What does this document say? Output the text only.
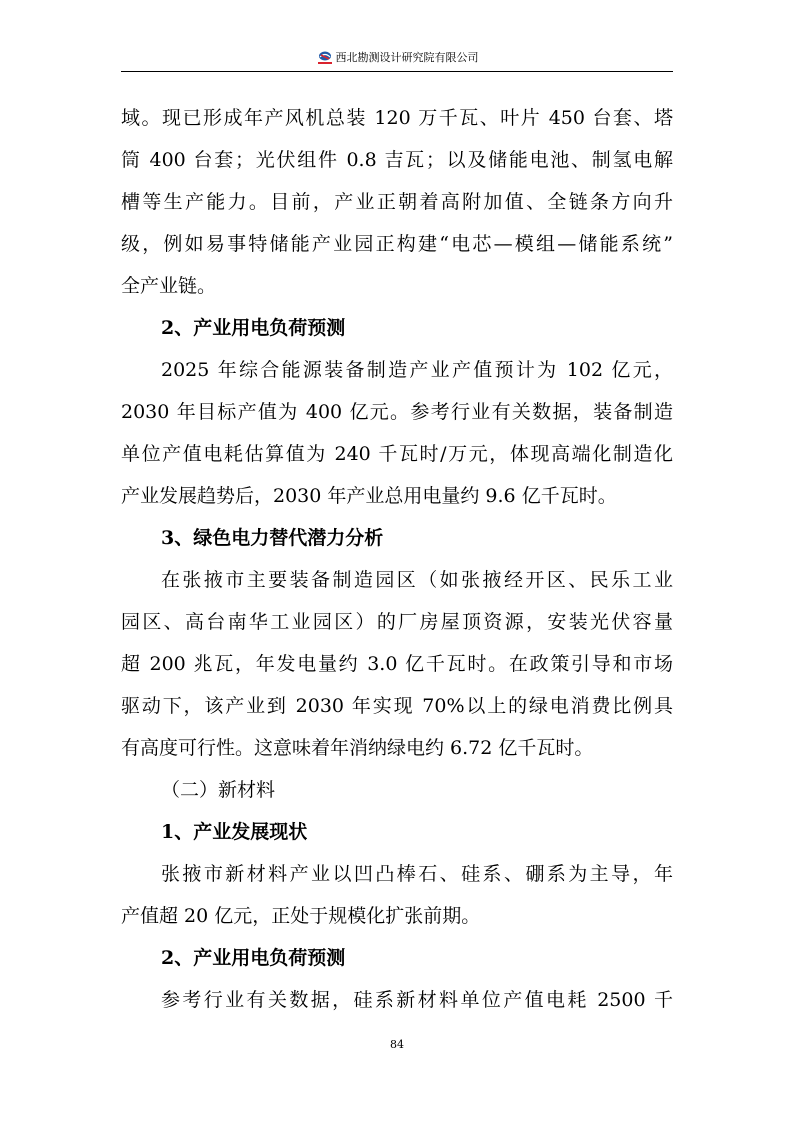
西北勘测设计研究院有限公司

域。现已形成年产风机总装 120 万千瓦、叶片 450 台套、塔

筒 400 台套；光伏组件 0.8 吉瓦；以及储能电池、制氢电解

槽等生产能力。目前，产业正朝着高附加值、全链条方向升

级，例如易事特储能产业园正构建“电芯—模组—储能系统”

全产业链。

2、产业用电负荷预测

2025 年综合能源装备制造产业产值预计为 102 亿元，

2030 年目标产值为 400 亿元。参考行业有关数据，装备制造

单位产值电耗估算值为 240 千瓦时/万元，体现高端化制造化

产业发展趋势后，2030 年产业总用电量约 9.6 亿千瓦时。

3、绿色电力替代潜力分析

在张掖市主要装备制造园区（如张掖经开区、民乐工业

园区、高台南华工业园区）的厂房屋顶资源，安装光伏容量

超 200 兆瓦，年发电量约 3.0 亿千瓦时。在政策引导和市场

驱动下，该产业到 2030 年实现 70%以上的绿电消费比例具

有高度可行性。这意味着年消纳绿电约 6.72 亿千瓦时。

（二）新材料

1、产业发展现状

张掖市新材料产业以凹凸棒石、硅系、硼系为主导，年

产值超 20 亿元，正处于规模化扩张前期。

2、产业用电负荷预测

参考行业有关数据，硅系新材料单位产值电耗 2500 千

84
